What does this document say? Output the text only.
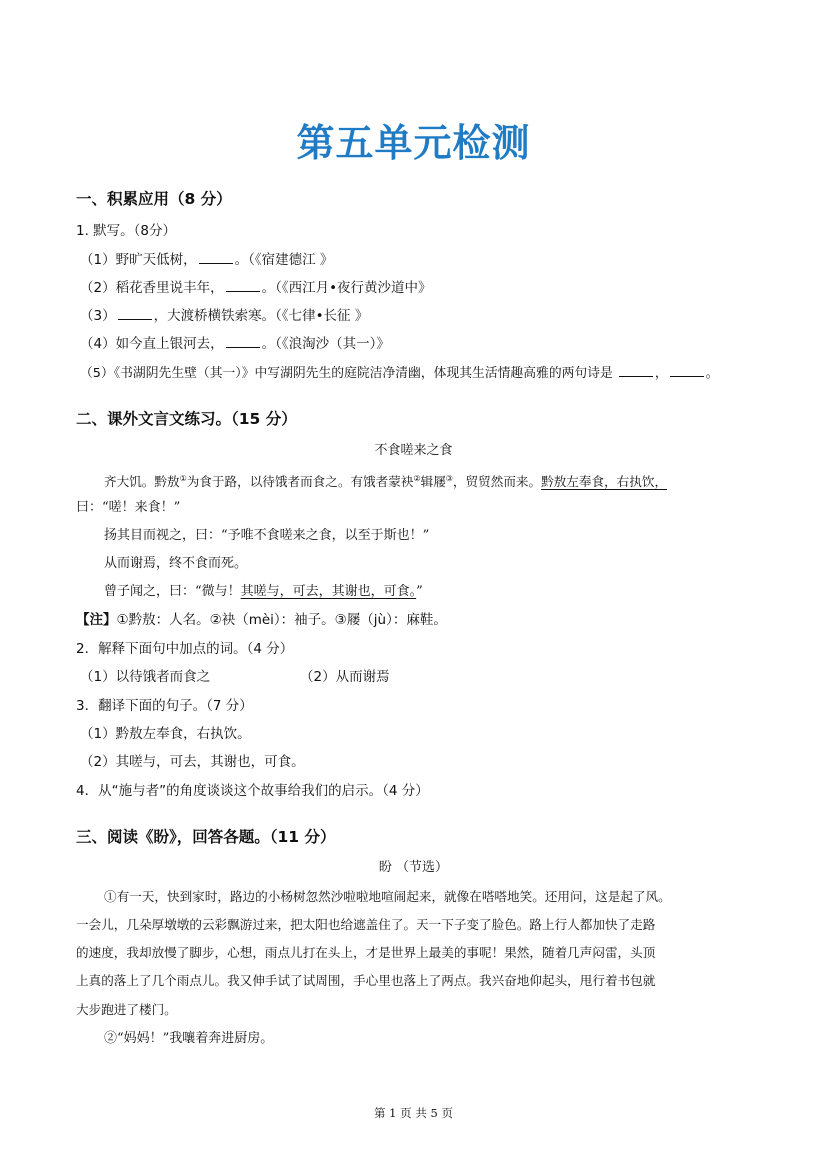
第五单元检测
一、积累应用（8 分）
1. 默写。（8分）
（1）野旷天低树，	。（《宿建德江 》
（2）稻花香里说丰年，	。（《西江月•夜行黄沙道中》
（3）	，大渡桥横铁索寒。（《七律•长征 》
（4）如今直上银河去，	。（《浪淘沙（其一）》
（5）《书湖阴先生壁（其一）》中写湖阴先生的庭院洁净清幽，体现其生活情趣高雅的两句诗是	，	。
二、课外文言文练习。（15 分）
不食嗟来之食
齐大饥。黔敖①为食于路，以待饿者而食之。有饿者蒙袂②辑屦③，贸贸然而来。黔敖左奉食，右执饮，
曰：“嗟！来食！”
扬其目而视之，曰：“予唯不食嗟来之食，以至于斯也！”
从而谢焉，终不食而死。
曾子闻之，曰：“微与！其嗟与，可去，其谢也，可食。”
【注】①黔敖：人名。②袂（mèi）：袖子。③屦（jù）：麻鞋。
2．解释下面句中加点的词。（4 分）
（1）以待饿者而食之	（2）从而谢焉
3．翻译下面的句子。（7 分）
（1）黔敖左奉食，右执饮。
（2）其嗟与，可去，其谢也，可食。
4．从“施与者”的角度谈谈这个故事给我们的启示。（4 分）
三、阅读《盼》，回答各题。（11 分）
盼 （节选）
①有一天，快到家时，路边的小杨树忽然沙啦啦地喧闹起来，就像在嗒嗒地笑。还用问，这是起了风。
一会儿，几朵厚墩墩的云彩飘游过来，把太阳也给遮盖住了。天一下子变了脸色。路上行人都加快了走路
的速度，我却放慢了脚步，心想，雨点儿打在头上，才是世界上最美的事呢！果然，随着几声闷雷，头顶
上真的落上了几个雨点儿。我又伸手试了试周围，手心里也落上了两点。我兴奋地仰起头，甩行着书包就
大步跑进了楼门。
②“妈妈！”我嚷着奔进厨房。
第 1 页 共 5 页
